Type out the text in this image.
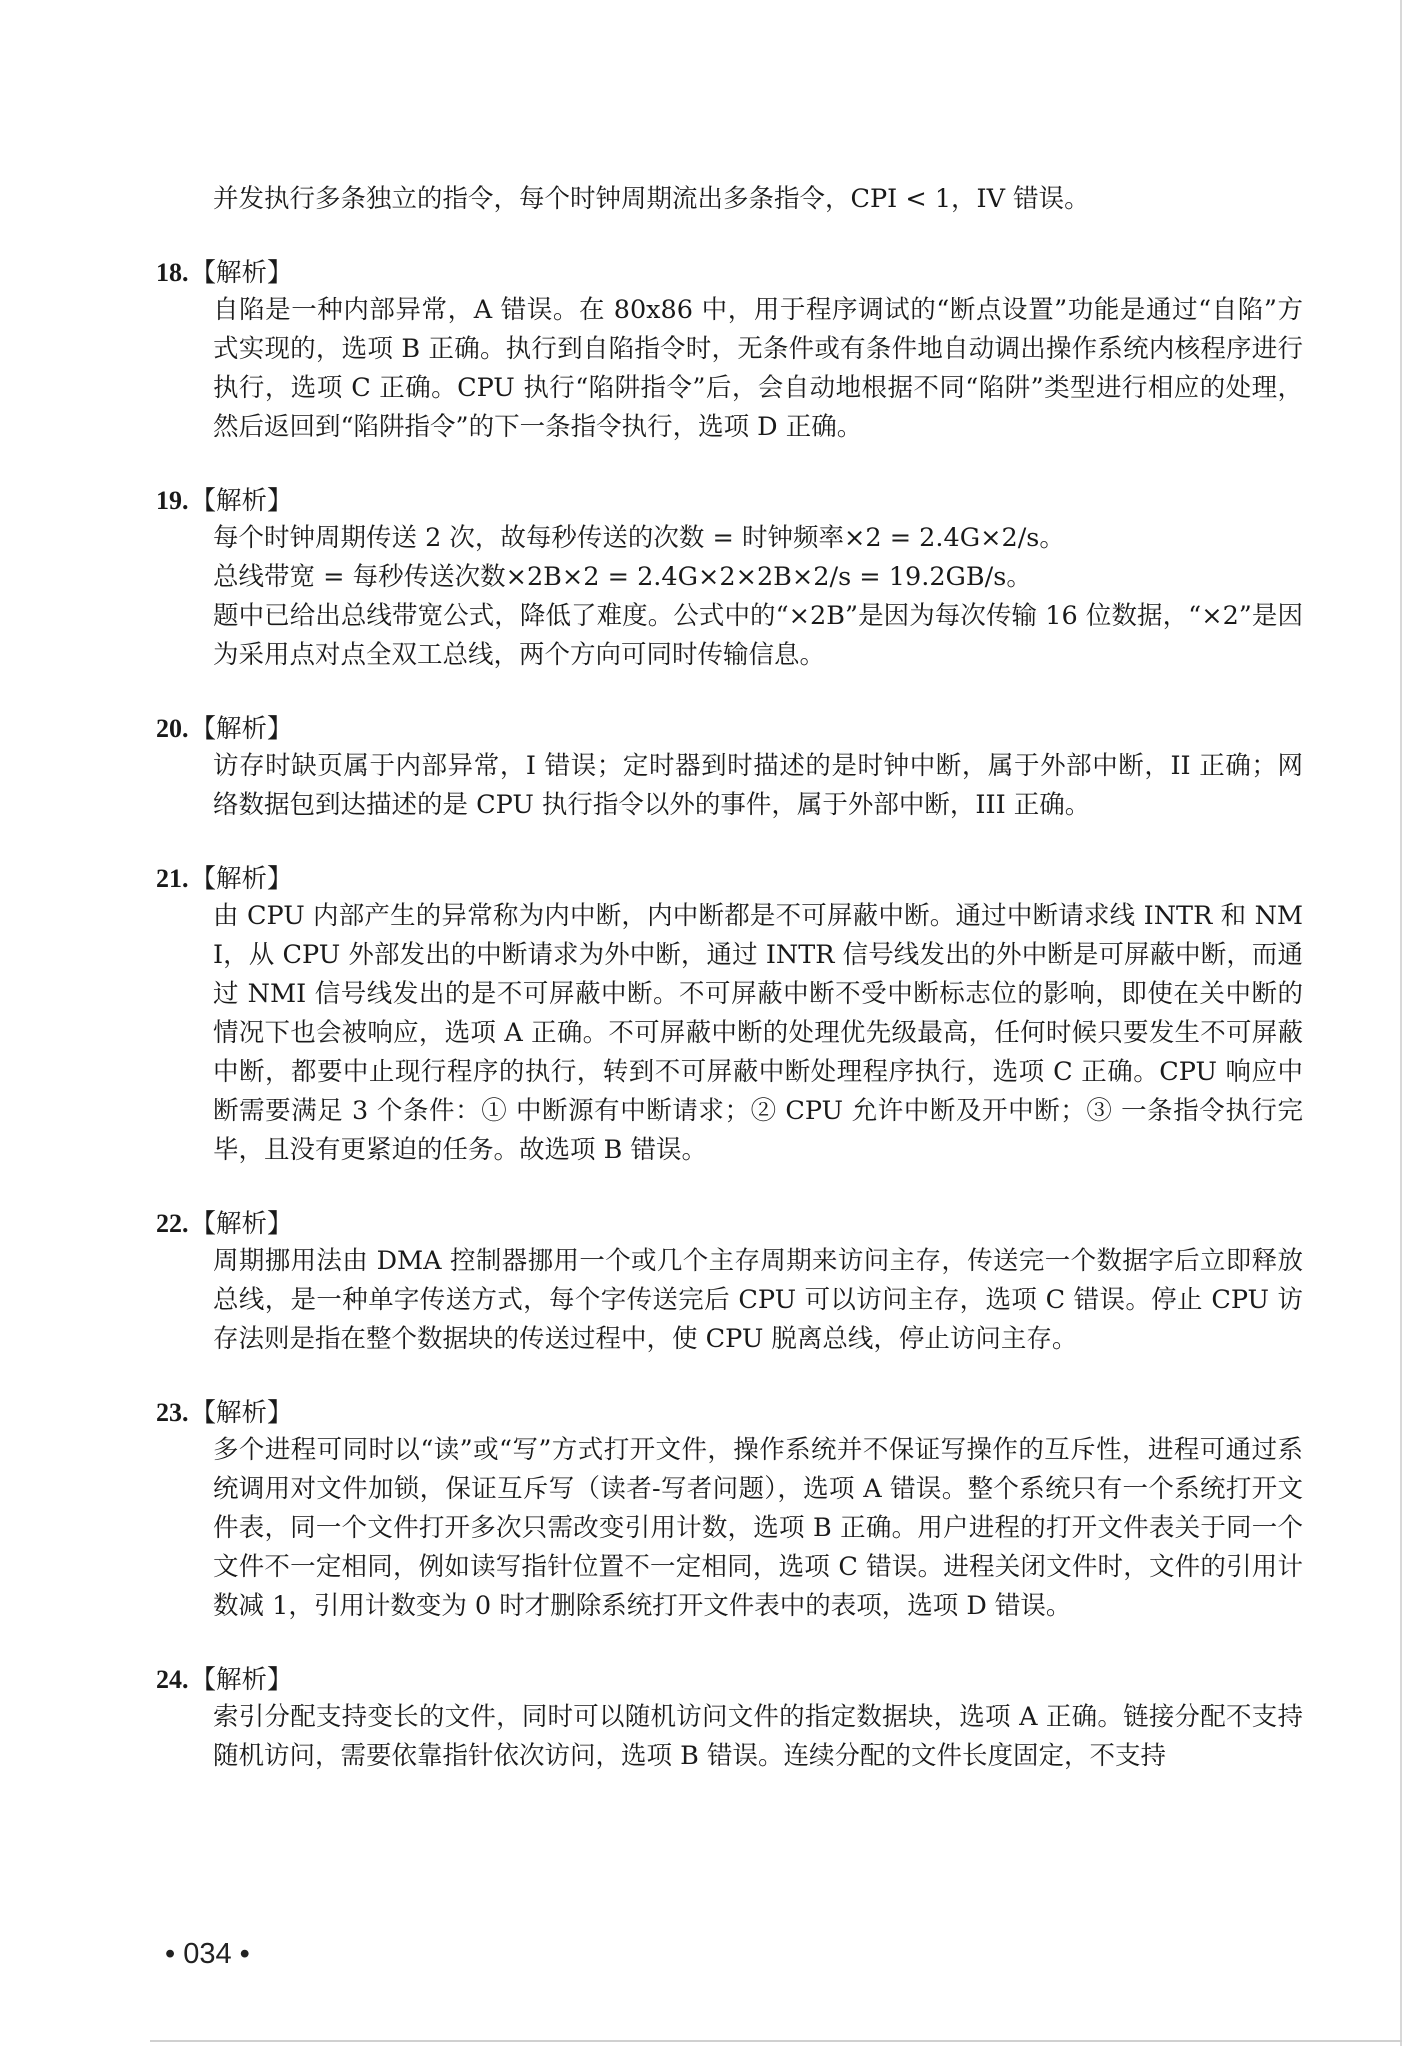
并发执行多条独立的指令，每个时钟周期流出多条指令，CPI < 1，IV 错误。

18. 【解析】

自陷是一种内部异常，A 错误。在 80x86 中，用于程序调试的“断点设置”功能是通过“自陷”方式实现的，选项 B 正确。执行到自陷指令时，无条件或有条件地自动调出操作系统内核程序进行执行，选项 C 正确。CPU 执行“陷阱指令”后，会自动地根据不同“陷阱”类型进行相应的处理，然后返回到“陷阱指令”的下一条指令执行，选项 D 正确。

19. 【解析】

每个时钟周期传送 2 次，故每秒传送的次数 = 时钟频率×2 = 2.4G×2/s。

总线带宽 = 每秒传送次数×2B×2 = 2.4G×2×2B×2/s = 19.2GB/s。

题中已给出总线带宽公式，降低了难度。公式中的“×2B”是因为每次传输 16 位数据，“×2”是因为采用点对点全双工总线，两个方向可同时传输信息。

20. 【解析】

访存时缺页属于内部异常，I 错误；定时器到时描述的是时钟中断，属于外部中断，II 正确；网络数据包到达描述的是 CPU 执行指令以外的事件，属于外部中断，III 正确。

21. 【解析】

由 CPU 内部产生的异常称为内中断，内中断都是不可屏蔽中断。通过中断请求线 INTR 和 NMI，从 CPU 外部发出的中断请求为外中断，通过 INTR 信号线发出的外中断是可屏蔽中断，而通过 NMI 信号线发出的是不可屏蔽中断。不可屏蔽中断不受中断标志位的影响，即使在关中断的情况下也会被响应，选项 A 正确。不可屏蔽中断的处理优先级最高，任何时候只要发生不可屏蔽中断，都要中止现行程序的执行，转到不可屏蔽中断处理程序执行，选项 C 正确。CPU 响应中断需要满足 3 个条件：① 中断源有中断请求；② CPU 允许中断及开中断；③ 一条指令执行完毕，且没有更紧迫的任务。故选项 B 错误。

22. 【解析】

周期挪用法由 DMA 控制器挪用一个或几个主存周期来访问主存，传送完一个数据字后立即释放总线，是一种单字传送方式，每个字传送完后 CPU 可以访问主存，选项 C 错误。停止 CPU 访存法则是指在整个数据块的传送过程中，使 CPU 脱离总线，停止访问主存。

23. 【解析】

多个进程可同时以“读”或“写”方式打开文件，操作系统并不保证写操作的互斥性，进程可通过系统调用对文件加锁，保证互斥写（读者-写者问题），选项 A 错误。整个系统只有一个系统打开文件表，同一个文件打开多次只需改变引用计数，选项 B 正确。用户进程的打开文件表关于同一个文件不一定相同，例如读写指针位置不一定相同，选项 C 错误。进程关闭文件时，文件的引用计数减 1，引用计数变为 0 时才删除系统打开文件表中的表项，选项 D 错误。

24. 【解析】

索引分配支持变长的文件，同时可以随机访问文件的指定数据块，选项 A 正确。链接分配不支持随机访问，需要依靠指针依次访问，选项 B 错误。连续分配的文件长度固定，不支持

• 034 •
